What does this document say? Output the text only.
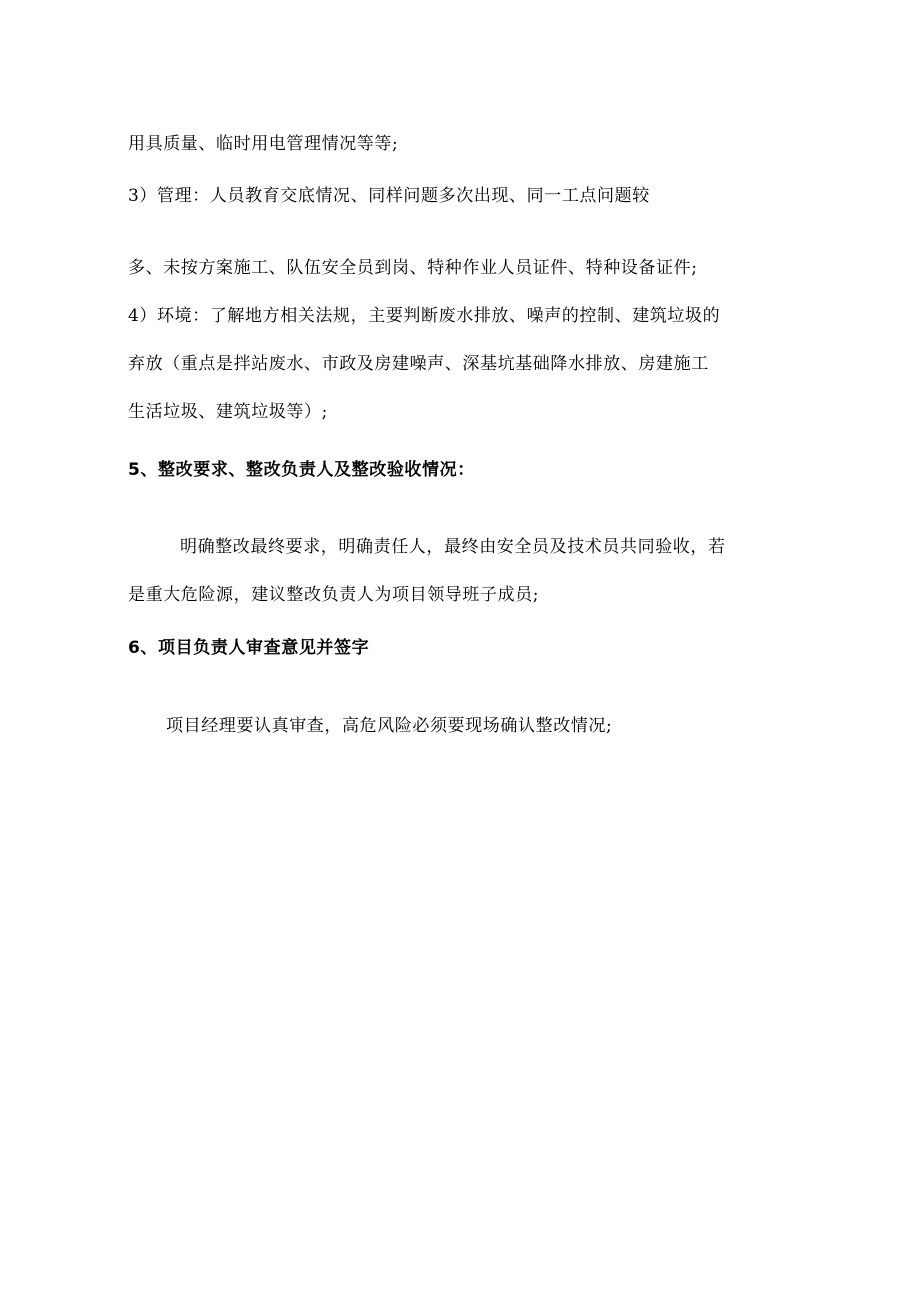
用具质量、临时用电管理情况等等;
3）管理：人员教育交底情况、同样问题多次出现、同一工点问题较
多、未按方案施工、队伍安全员到岗、特种作业人员证件、特种设备证件;
4）环境：了解地方相关法规，主要判断废水排放、噪声的控制、建筑垃圾的
弃放（重点是拌站废水、市政及房建噪声、深基坑基础降水排放、房建施工
生活垃圾、建筑垃圾等）;
5、整改要求、整改负责人及整改验收情况：
明确整改最终要求，明确责任人，最终由安全员及技术员共同验收，若
是重大危险源，建议整改负责人为项目领导班子成员;
6、项目负责人审查意见并签字
项目经理要认真审查，高危风险必须要现场确认整改情况;
